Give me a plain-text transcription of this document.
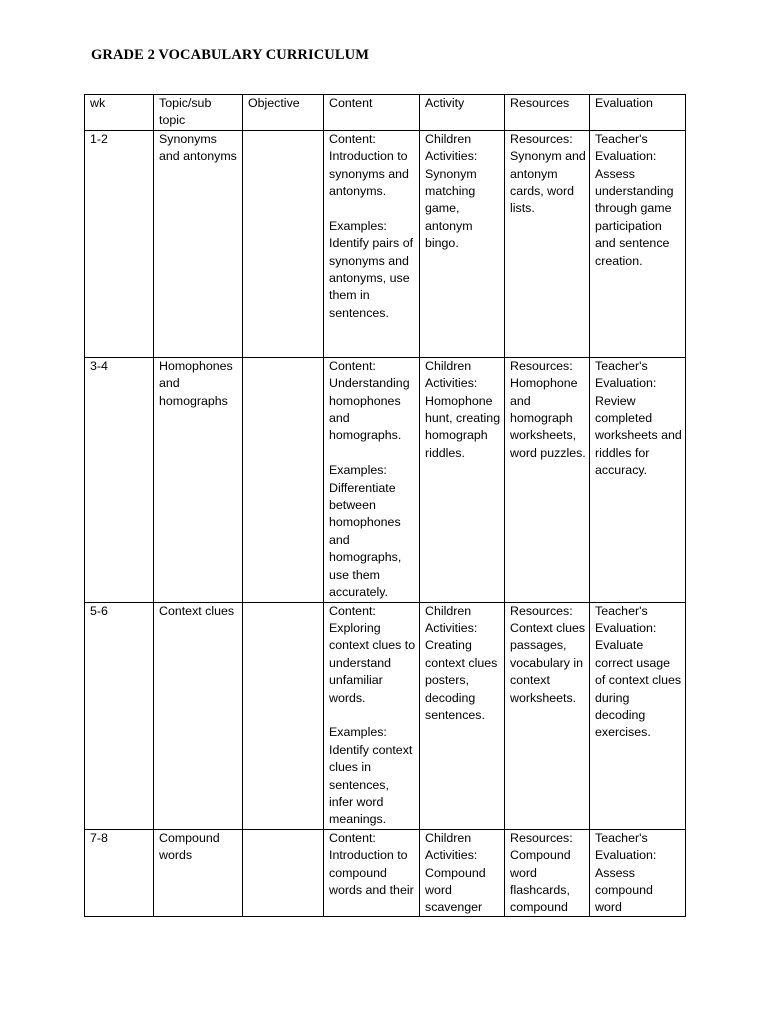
GRADE 2 VOCABULARY CURRICULUM
wk	Topic/sub topic	Objective	Content	Activity	Resources	Evaluation
1-2	Synonyms and antonyms		Content: Introduction to synonyms and antonyms.

Examples: Identify pairs of synonyms and antonyms, use them in sentences.	Children Activities: Synonym matching game, antonym bingo.	Resources: Synonym and antonym cards, word lists.	Teacher's Evaluation: Assess understanding through game participation and sentence creation.
3-4	Homophones and homographs		Content: Understanding homophones and homographs.

Examples: Differentiate between homophones and homographs, use them accurately.	Children Activities: Homophone hunt, creating homograph riddles.	Resources: Homophone and homograph worksheets, word puzzles.	Teacher's Evaluation: Review completed worksheets and riddles for accuracy.
5-6	Context clues		Content: Exploring context clues to understand unfamiliar words.

Examples: Identify context clues in sentences, infer word meanings.	Children Activities: Creating context clues posters, decoding sentences.	Resources: Context clues passages, vocabulary in context worksheets.	Teacher's Evaluation: Evaluate correct usage of context clues during decoding exercises.

7-8	Compound words		Content: Introduction to compound words and their	Children Activities: Compound word scavenger	Resources: Compound word flashcards, compound	Teacher's Evaluation: Assess compound word
